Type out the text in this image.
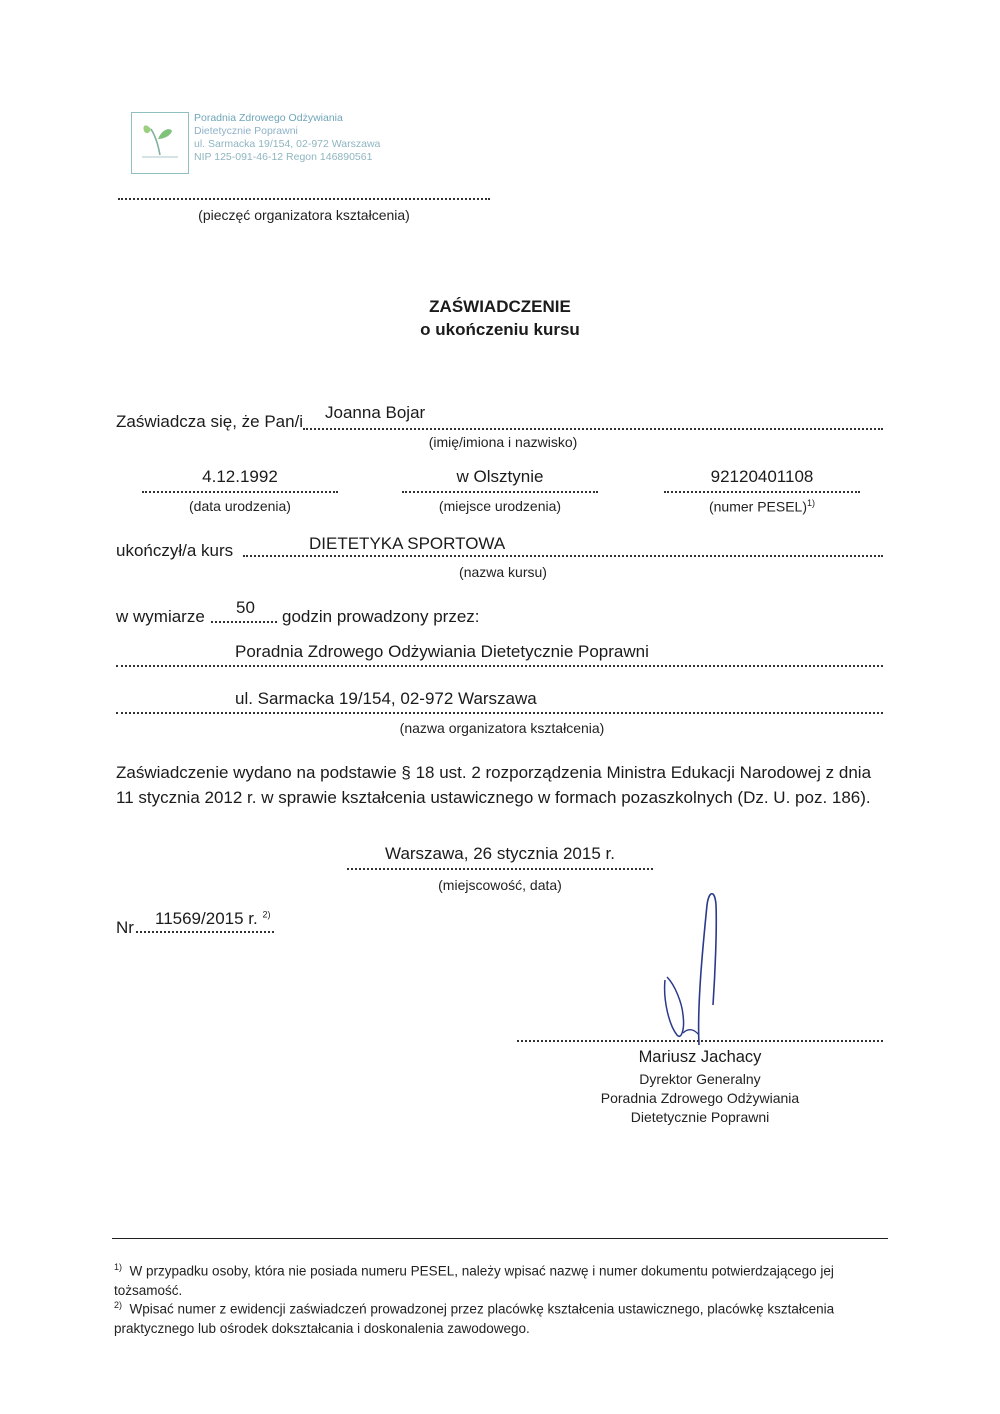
Poradnia Zdrowego Odżywiania
Dietetycznie Poprawni
ul. Sarmacka 19/154, 02-972 Warszawa
NIP 125-091-46-12 Regon 146890561
(pieczęć organizatora kształcenia)
ZAŚWIADCZENIE
o ukończeniu kursu
Zaświadcza się, że Pan/i Joanna Bojar
(imię/imiona i nazwisko)
4.12.1992
(data urodzenia)
w Olsztynie
(miejsce urodzenia)
92120401108
(numer PESEL)$^{1)}$
ukończył/a kurs	DIETETYKA SPORTOWA
(nazwa kursu)
w wymiarze 50 godzin prowadzony przez:
Poradnia Zdrowego Odżywiania Dietetycznie Poprawni
ul. Sarmacka 19/154, 02-972 Warszawa
(nazwa organizatora kształcenia)
Zaświadczenie wydano na podstawie § 18 ust. 2 rozporządzenia Ministra Edukacji Narodowej z dnia
11 stycznia 2012 r. w sprawie kształcenia ustawicznego w formach pozaszkolnych (Dz. U. poz. 186).
Warszawa, 26 stycznia 2015 r.
(miejscowość, data)
Nr 11569/2015 r. $^{2)}$
Mariusz Jachacy
Dyrektor Generalny
Poradnia Zdrowego Odżywiania
Dietetycznie Poprawni
$^{1)}$ W przypadku osoby, która nie posiada numeru PESEL, należy wpisać nazwę i numer dokumentu potwierdzającego jej
tożsamość.
$^{2)}$ Wpisać numer z ewidencji zaświadczeń prowadzonej przez placówkę kształcenia ustawicznego, placówkę kształcenia
praktycznego lub ośrodek dokształcania i doskonalenia zawodowego.
